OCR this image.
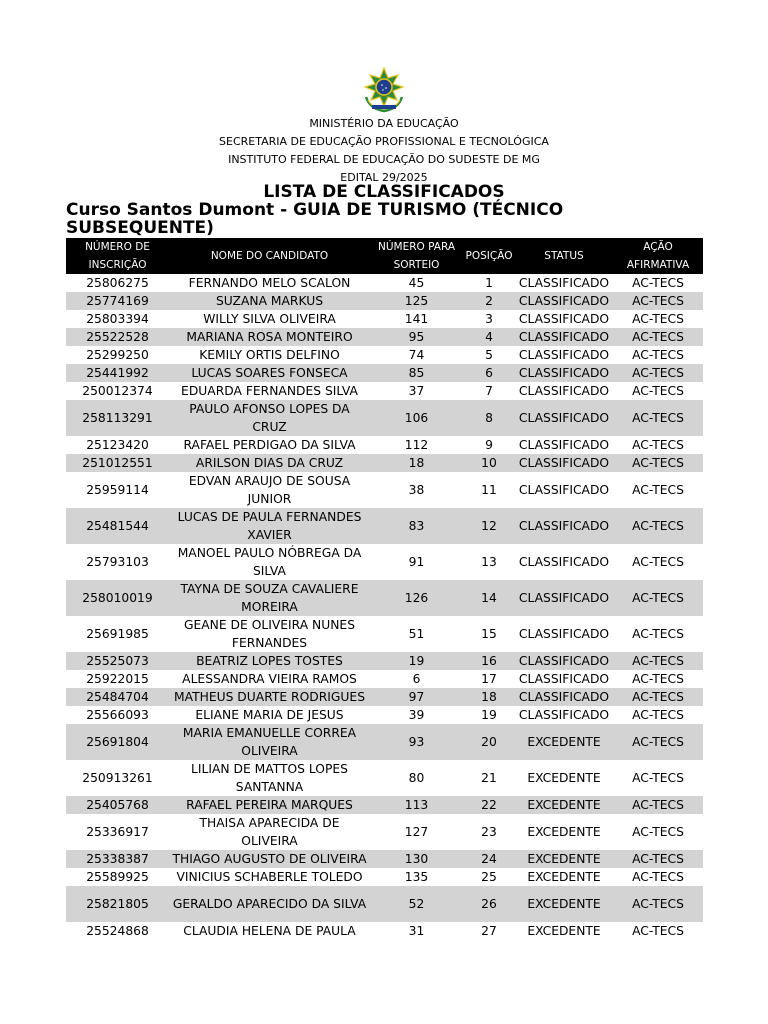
MINISTÉRIO DA EDUCAÇÃO
SECRETARIA DE EDUCAÇÃO PROFISSIONAL E TECNOLÓGICA
INSTITUTO FEDERAL DE EDUCAÇÃO DO SUDESTE DE MG
EDITAL 29/2025
LISTA DE CLASSIFICADOS
Curso Santos Dumont - GUIA DE TURISMO (TÉCNICO SUBSEQUENTE)
NÚMERO DE INSCRIÇÃO	NOME DO CANDIDATO	NÚMERO PARA SORTEIO	POSIÇÃO	STATUS	AÇÃO AFIRMATIVA
25806275	FERNANDO MELO SCALON	45	1	CLASSIFICADO	AC-TECS
25774169	SUZANA MARKUS	125	2	CLASSIFICADO	AC-TECS
25803394	WILLY SILVA OLIVEIRA	141	3	CLASSIFICADO	AC-TECS
25522528	MARIANA ROSA MONTEIRO	95	4	CLASSIFICADO	AC-TECS
25299250	KEMILY ORTIS DELFINO	74	5	CLASSIFICADO	AC-TECS
25441992	LUCAS SOARES FONSECA	85	6	CLASSIFICADO	AC-TECS
250012374	EDUARDA FERNANDES SILVA	37	7	CLASSIFICADO	AC-TECS
258113291	PAULO AFONSO LOPES DA CRUZ	106	8	CLASSIFICADO	AC-TECS
25123420	RAFAEL PERDIGAO DA SILVA	112	9	CLASSIFICADO	AC-TECS
251012551	ARILSON DIAS DA CRUZ	18	10	CLASSIFICADO	AC-TECS
25959114	EDVAN ARAUJO DE SOUSA JUNIOR	38	11	CLASSIFICADO	AC-TECS
25481544	LUCAS DE PAULA FERNANDES XAVIER	83	12	CLASSIFICADO	AC-TECS
25793103	MANOEL PAULO NÓBREGA DA SILVA	91	13	CLASSIFICADO	AC-TECS
258010019	TAYNA DE SOUZA CAVALIERE MOREIRA	126	14	CLASSIFICADO	AC-TECS
25691985	GEANE DE OLIVEIRA NUNES FERNANDES	51	15	CLASSIFICADO	AC-TECS
25525073	BEATRIZ LOPES TOSTES	19	16	CLASSIFICADO	AC-TECS
25922015	ALESSANDRA VIEIRA RAMOS	6	17	CLASSIFICADO	AC-TECS
25484704	MATHEUS DUARTE RODRIGUES	97	18	CLASSIFICADO	AC-TECS
25566093	ELIANE MARIA DE JESUS	39	19	CLASSIFICADO	AC-TECS
25691804	MARIA EMANUELLE CORREA OLIVEIRA	93	20	EXCEDENTE	AC-TECS
250913261	LILIAN DE MATTOS LOPES SANTANNA	80	21	EXCEDENTE	AC-TECS
25405768	RAFAEL PEREIRA MARQUES	113	22	EXCEDENTE	AC-TECS
25336917	THAISA APARECIDA DE OLIVEIRA	127	23	EXCEDENTE	AC-TECS
25338387	THIAGO AUGUSTO DE OLIVEIRA	130	24	EXCEDENTE	AC-TECS
25589925	VINICIUS SCHABERLE TOLEDO	135	25	EXCEDENTE	AC-TECS
25821805	GERALDO APARECIDO DA SILVA	52	26	EXCEDENTE	AC-TECS
25524868	CLAUDIA HELENA DE PAULA	31	27	EXCEDENTE	AC-TECS
